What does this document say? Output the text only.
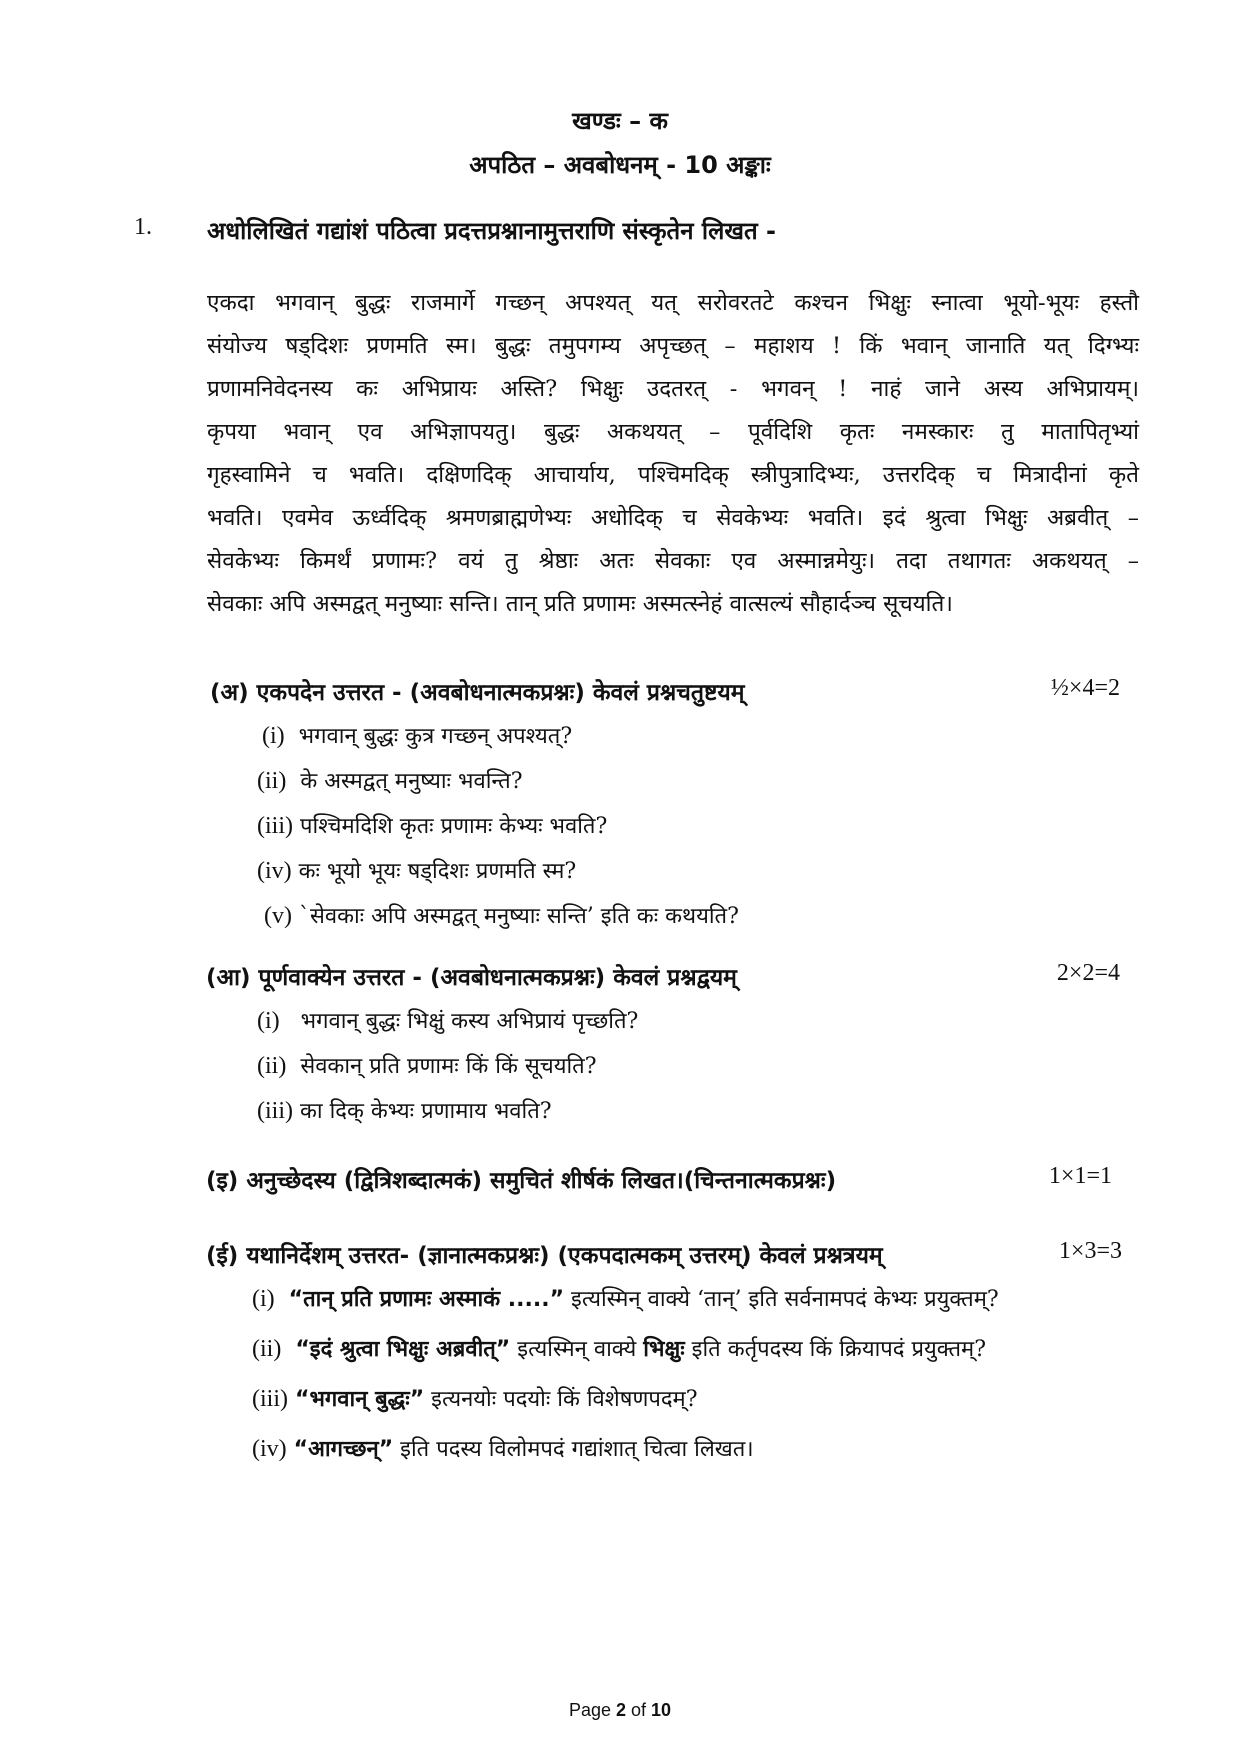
खण्डः – क
अपठित – अवबोधनम् - 10 अङ्काः
1. अधोलिखितं गद्यांशं पठित्वा प्रदत्तप्रश्नानामुत्तराणि संस्कृतेन लिखत -
एकदा भगवान् बुद्धः राजमार्गे गच्छन् अपश्यत् यत् सरोवरतटे कश्चन भिक्षुः स्नात्वा भूयो-भूयः हस्तौ
संयोज्य षड्दिशः प्रणमति स्म। बुद्धः तमुपगम्य अपृच्छत् – महाशय ! किं भवान् जानाति यत् दिग्भ्यः
प्रणामनिवेदनस्य कः अभिप्रायः अस्ति? भिक्षुः उदतरत् - भगवन् ! नाहं जाने अस्य अभिप्रायम्।
कृपया भवान् एव अभिज्ञापयतु। बुद्धः अकथयत् – पूर्वदिशि कृतः नमस्कारः तु मातापितृभ्यां
गृहस्वामिने च भवति। दक्षिणदिक् आचार्याय, पश्चिमदिक् स्त्रीपुत्रादिभ्यः, उत्तरदिक् च मित्रादीनां कृते
भवति। एवमेव ऊर्ध्वदिक् श्रमणब्राह्मणेभ्यः अधोदिक् च सेवकेभ्यः भवति। इदं श्रुत्वा भिक्षुः अब्रवीत् –
सेवकेभ्यः किमर्थं प्रणामः? वयं तु श्रेष्ठाः अतः सेवकाः एव अस्मान्नमेयुः। तदा तथागतः अकथयत् –
सेवकाः अपि अस्मद्वत् मनुष्याः सन्ति। तान् प्रति प्रणामः अस्मत्स्नेहं वात्सल्यं सौहार्दञ्च सूचयति।
(अ) एकपदेन उत्तरत - (अवबोधनात्मकप्रश्नः) केवलं प्रश्नचतुष्टयम्	½×4=2
(i) भगवान् बुद्धः कुत्र गच्छन् अपश्यत्?
(ii) के अस्मद्वत् मनुष्याः भवन्ति?
(iii) पश्चिमदिशि कृतः प्रणामः केभ्यः भवति?
(iv) कः भूयो भूयः षड्दिशः प्रणमति स्म?
(v) `सेवकाः अपि अस्मद्वत् मनुष्याः सन्ति’ इति कः कथयति?
(आ) पूर्णवाक्येन उत्तरत - (अवबोधनात्मकप्रश्नः) केवलं प्रश्नद्वयम्	2×2=4
(i) भगवान् बुद्धः भिक्षुं कस्य अभिप्रायं पृच्छति?
(ii) सेवकान् प्रति प्रणामः किं किं सूचयति?
(iii) का दिक् केभ्यः प्रणामाय भवति?
(इ) अनुच्छेदस्य (द्वित्रिशब्दात्मकं) समुचितं शीर्षकं लिखत।(चिन्तनात्मकप्रश्नः)	1×1=1
(ई) यथानिर्देशम् उत्तरत- (ज्ञानात्मकप्रश्नः) (एकपदात्मकम् उत्तरम्) केवलं प्रश्नत्रयम्	1×3=3
(i) “तान् प्रति प्रणामः अस्माकं .....” इत्यस्मिन् वाक्ये ‘तान्’ इति सर्वनामपदं केभ्यः प्रयुक्तम्?
(ii) “इदं श्रुत्वा भिक्षुः अब्रवीत्” इत्यस्मिन् वाक्ये भिक्षुः इति कर्तृपदस्य किं क्रियापदं प्रयुक्तम्?
(iii) “भगवान् बुद्धः” इत्यनयोः पदयोः किं विशेषणपदम्?
(iv) “आगच्छन्” इति पदस्य विलोमपदं गद्यांशात् चित्वा लिखत।
Page 2 of 10
